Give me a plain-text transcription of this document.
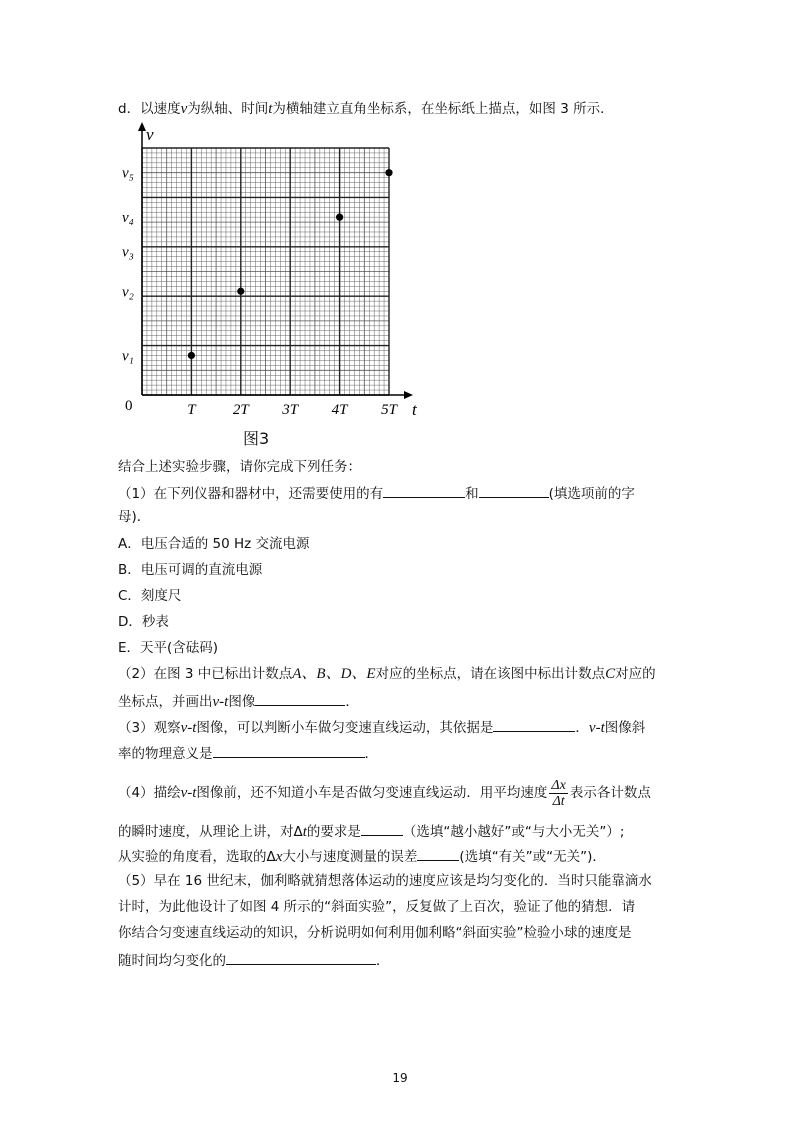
d．以速度v为纵轴、时间t为横轴建立直角坐标系，在坐标纸上描点，如图 3 所示．
t
v
0	T 2T 3T 4T 5T
v₁
v₂
v₃
v₄
v₅
图3
结合上述实验步骤，请你完成下列任务：
（1）在下列仪器和器材中，还需要使用的有	和	(填选项前的字
母)．
A．电压合适的 50 Hz 交流电源
B．电压可调的直流电源
C．刻度尺
D．秒表
E．天平(含砝码)
（2）在图 3 中已标出计数点A、B、D、E对应的坐标点，请在该图中标出计数点C对应的
坐标点，并画出v-t图像	．
（3）观察v-t图像，可以判断小车做匀变速直线运动，其依据是	．v-t图像斜
率的物理意义是	．
（4）描绘v-t图像前，还不知道小车是否做匀变速直线运动．用平均速度 $\frac{\Delta x}{\Delta t}$ 表示各计数点
的瞬时速度，从理论上讲，对Δt的要求是	（选填“越小越好”或“与大小无关”）;
从实验的角度看，选取的Δx大小与速度测量的误差	(选填“有关”或“无关”)．
（5）早在 16 世纪末，伽利略就猜想落体运动的速度应该是均匀变化的．当时只能靠滴水
计时，为此他设计了如图 4 所示的“斜面实验”，反复做了上百次，验证了他的猜想．请
你结合匀变速直线运动的知识，分析说明如何利用伽利略“斜面实验”检验小球的速度是
随时间均匀变化的	．
19
